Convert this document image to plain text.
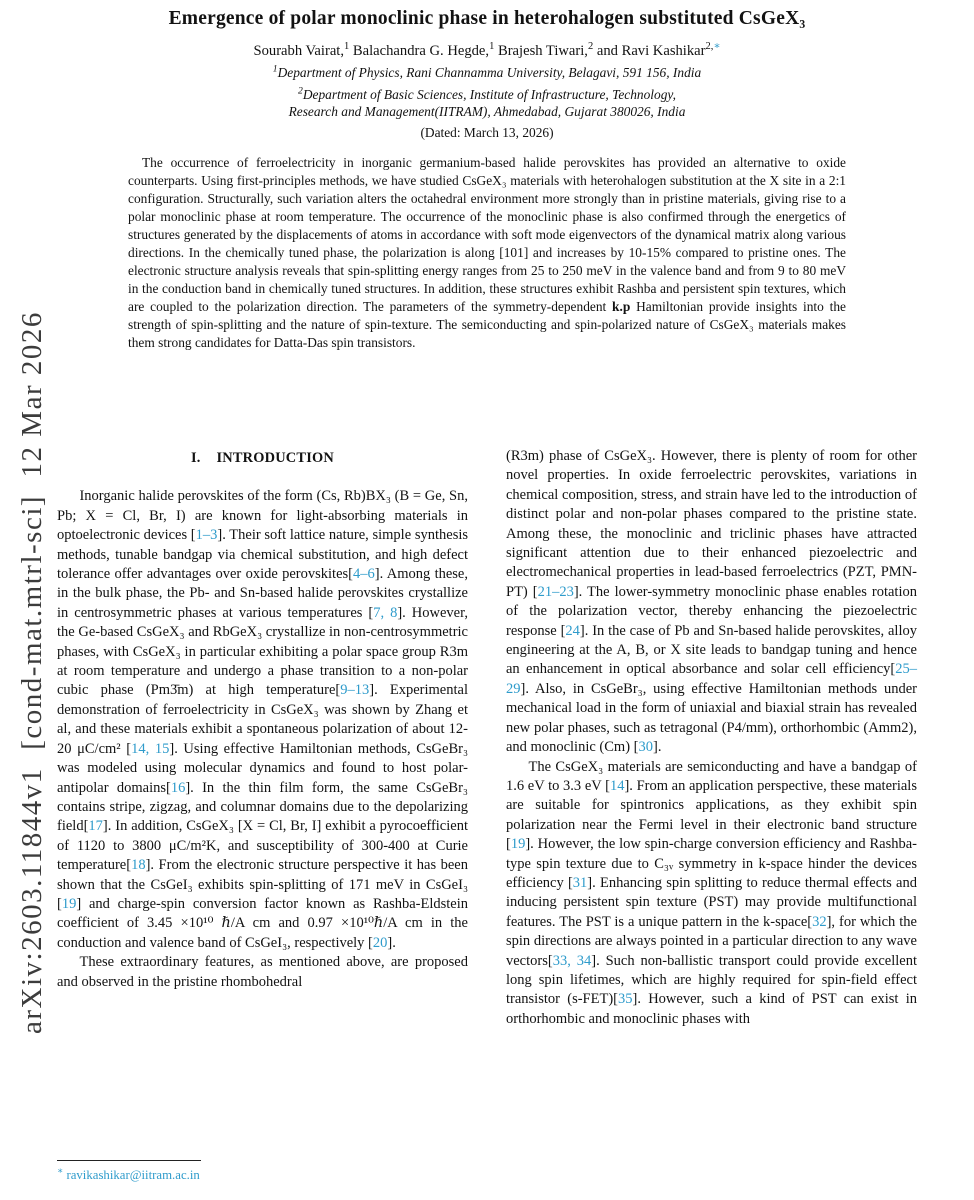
arXiv:2603.11844v1  [cond-mat.mtrl-sci]  12 Mar 2026
Emergence of polar monoclinic phase in heterohalogen substituted CsGeX₃
Sourabh Vairat,$^1$ Balachandra G. Hegde,$^1$ Brajesh Tiwari,$^2$ and Ravi Kashikar$^{2,∗}$
$^1$Department of Physics, Rani Channamma University, Belagavi, 591 156, India
$^2$Department of Basic Sciences, Institute of Infrastructure, Technology,
Research and Management(IITRAM), Ahmedabad, Gujarat 380026, India
(Dated: March 13, 2026)
The occurrence of ferroelectricity in inorganic germanium-based halide perovskites has provided an alternative to oxide counterparts. Using first-principles methods, we have studied CsGeX₃ materials with heterohalogen substitution at the X site in a 2:1 configuration. Structurally, such variation alters the octahedral environment more strongly than in pristine materials, giving rise to a polar monoclinic phase at room temperature. The occurrence of the monoclinic phase is also confirmed through the energetics of structures generated by the displacements of atoms in accordance with soft mode eigenvectors of the dynamical matrix along various directions. In the chemically tuned phase, the polarization is along [101] and increases by 10-15% compared to pristine ones. The electronic structure analysis reveals that spin-splitting energy ranges from 25 to 250 meV in the valence band and from 9 to 80 meV in the conduction band in chemically tuned structures. In addition, these structures exhibit Rashba and persistent spin textures, which are coupled to the polarization direction. The parameters of the symmetry-dependent k.p Hamiltonian provide insights into the strength of spin-splitting and the nature of spin-texture. The semiconducting and spin-polarized nature of CsGeX₃ materials makes them strong candidates for Datta-Das spin transistors.
I. INTRODUCTION

Inorganic halide perovskites of the form (Cs, Rb)BX₃ (B = Ge, Sn, Pb; X = Cl, Br, I) are known for light-absorbing materials in optoelectronic devices [1–3]. Their soft lattice nature, simple synthesis methods, tunable bandgap via chemical substitution, and high defect tolerance offer advantages over oxide perovskites[4–6]. Among these, in the bulk phase, the Pb- and Sn-based halide perovskites crystallize in centrosymmetric phases at various temperatures [7, 8]. However, the Ge-based CsGeX₃ and RbGeX₃ crystallize in non-centrosymmetric phases, with CsGeX₃ in particular exhibiting a polar space group R3m at room temperature and undergo a phase transition to a non-polar cubic phase (Pm3̄m) at high temperature[9–13]. Experimental demonstration of ferroelectricity in CsGeX₃ was shown by Zhang et al, and these materials exhibit a spontaneous polarization of about 12-20 μC/cm² [14, 15]. Using effective Hamiltonian methods, CsGeBr₃ was modeled using molecular dynamics and found to host polar-antipolar domains[16]. In the thin film form, the same CsGeBr₃ contains stripe, zigzag, and columnar domains due to the depolarizing field[17]. In addition, CsGeX₃ [X = Cl, Br, I] exhibit a pyrocoefficient of 1120 to 3800 μC/m²K, and susceptibility of 300-400 at Curie temperature[18]. From the electronic structure perspective it has been shown that the CsGeI₃ exhibits spin-splitting of 171 meV in CsGeI₃ [19] and charge-spin conversion factor known as Rashba-Eldstein coefficient of 3.45 ×10¹⁰ ℏ/A cm and 0.97 ×10¹⁰ℏ/A cm in the conduction and valence band of CsGeI₃, respectively [20].

These extraordinary features, as mentioned above, are proposed and observed in the pristine rhombohedral

(R3m) phase of CsGeX₃. However, there is plenty of room for other novel properties. In oxide ferroelectric perovskites, variations in chemical composition, stress, and strain have led to the introduction of distinct polar and non-polar phases compared to the pristine state. Among these, the monoclinic and triclinic phases have attracted significant attention due to their enhanced piezoelectric and electromechanical properties in lead-based ferroelectrics (PZT, PMN-PT) [21–23]. The lower-symmetry monoclinic phase enables rotation of the polarization vector, thereby enhancing the piezoelectric response [24]. In the case of Pb and Sn-based halide perovskites, alloy engineering at the A, B, or X site leads to bandgap tuning and hence an enhancement in optical absorbance and solar cell efficiency[25–29]. Also, in CsGeBr₃, using effective Hamiltonian methods under mechanical load in the form of uniaxial and biaxial strain has revealed new polar phases, such as tetragonal (P4/mm), orthorhombic (Amm2), and monoclinic (Cm) [30].

The CsGeX₃ materials are semiconducting and have a bandgap of 1.6 eV to 3.3 eV [14]. From an application perspective, these materials are suitable for spintronics applications, as they exhibit spin polarization near the Fermi level in their electronic band structure [19]. However, the low spin-charge conversion efficiency and Rashba-type spin texture due to C₃ᵥ symmetry in k-space hinder the devices efficiency [31]. Enhancing spin splitting to reduce thermal effects and inducing persistent spin texture (PST) may provide multifunctional features. The PST is a unique pattern in the k-space[32], for which the spin directions are always pointed in a particular direction to any wave vectors[33, 34]. Such non-ballistic transport could provide excellent long spin lifetimes, which are highly required for spin-field effect transistor (s-FET)[35]. However, such a kind of PST can exist in orthorhombic and monoclinic phases with

∗ ravikashikar@iitram.ac.in
